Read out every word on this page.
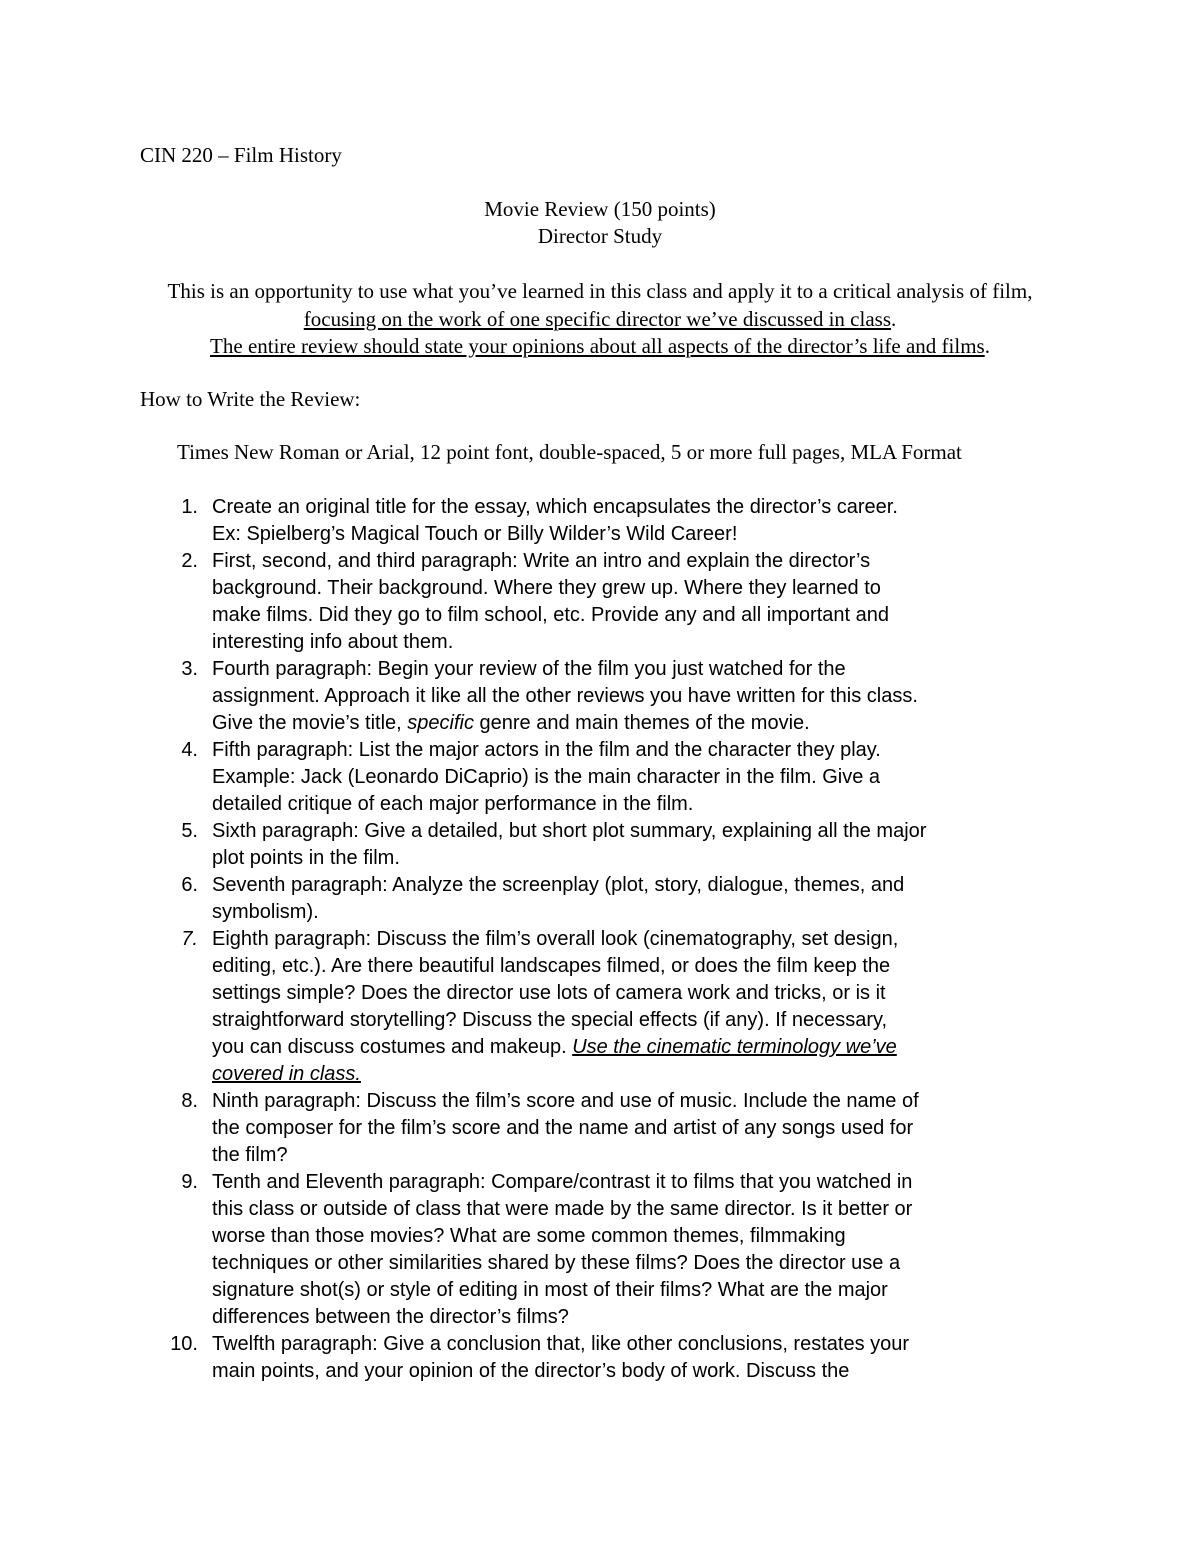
CIN 220 – Film History
Movie Review (150 points)
Director Study
This is an opportunity to use what you’ve learned in this class and apply it to a critical analysis of film, focusing on the work of one specific director we’ve discussed in class.
The entire review should state your opinions about all aspects of the director’s life and films.
How to Write the Review:
Times New Roman or Arial, 12 point font, double-spaced, 5 or more full pages, MLA Format
1. Create an original title for the essay, which encapsulates the director’s career.

Ex: Spielberg’s Magical Touch or Billy Wilder’s Wild Career!

2. First, second, and third paragraph: Write an intro and explain the director’s

background. Their background. Where they grew up. Where they learned to

make films. Did they go to film school, etc. Provide any and all important and

interesting info about them.

3. Fourth paragraph: Begin your review of the film you just watched for the

assignment. Approach it like all the other reviews you have written for this class.

Give the movie’s title, specific genre and main themes of the movie.

4. Fifth paragraph: List the major actors in the film and the character they play.

Example: Jack (Leonardo DiCaprio) is the main character in the film. Give a

detailed critique of each major performance in the film.

5. Sixth paragraph: Give a detailed, but short plot summary, explaining all the major

plot points in the film.

6. Seventh paragraph: Analyze the screenplay (plot, story, dialogue, themes, and

symbolism).

7. Eighth paragraph: Discuss the film’s overall look (cinematography, set design,

editing, etc.). Are there beautiful landscapes filmed, or does the film keep the

settings simple? Does the director use lots of camera work and tricks, or is it

straightforward storytelling? Discuss the special effects (if any). If necessary,

you can discuss costumes and makeup. Use the cinematic terminology we’ve

covered in class.

8. Ninth paragraph: Discuss the film’s score and use of music. Include the name of

the composer for the film’s score and the name and artist of any songs used for

the film?

9. Tenth and Eleventh paragraph: Compare/contrast it to films that you watched in

this class or outside of class that were made by the same director. Is it better or

worse than those movies? What are some common themes, filmmaking

techniques or other similarities shared by these films? Does the director use a

signature shot(s) or style of editing in most of their films? What are the major

differences between the director’s films?

10. Twelfth paragraph: Give a conclusion that, like other conclusions, restates your

main points, and your opinion of the director’s body of work. Discuss the
